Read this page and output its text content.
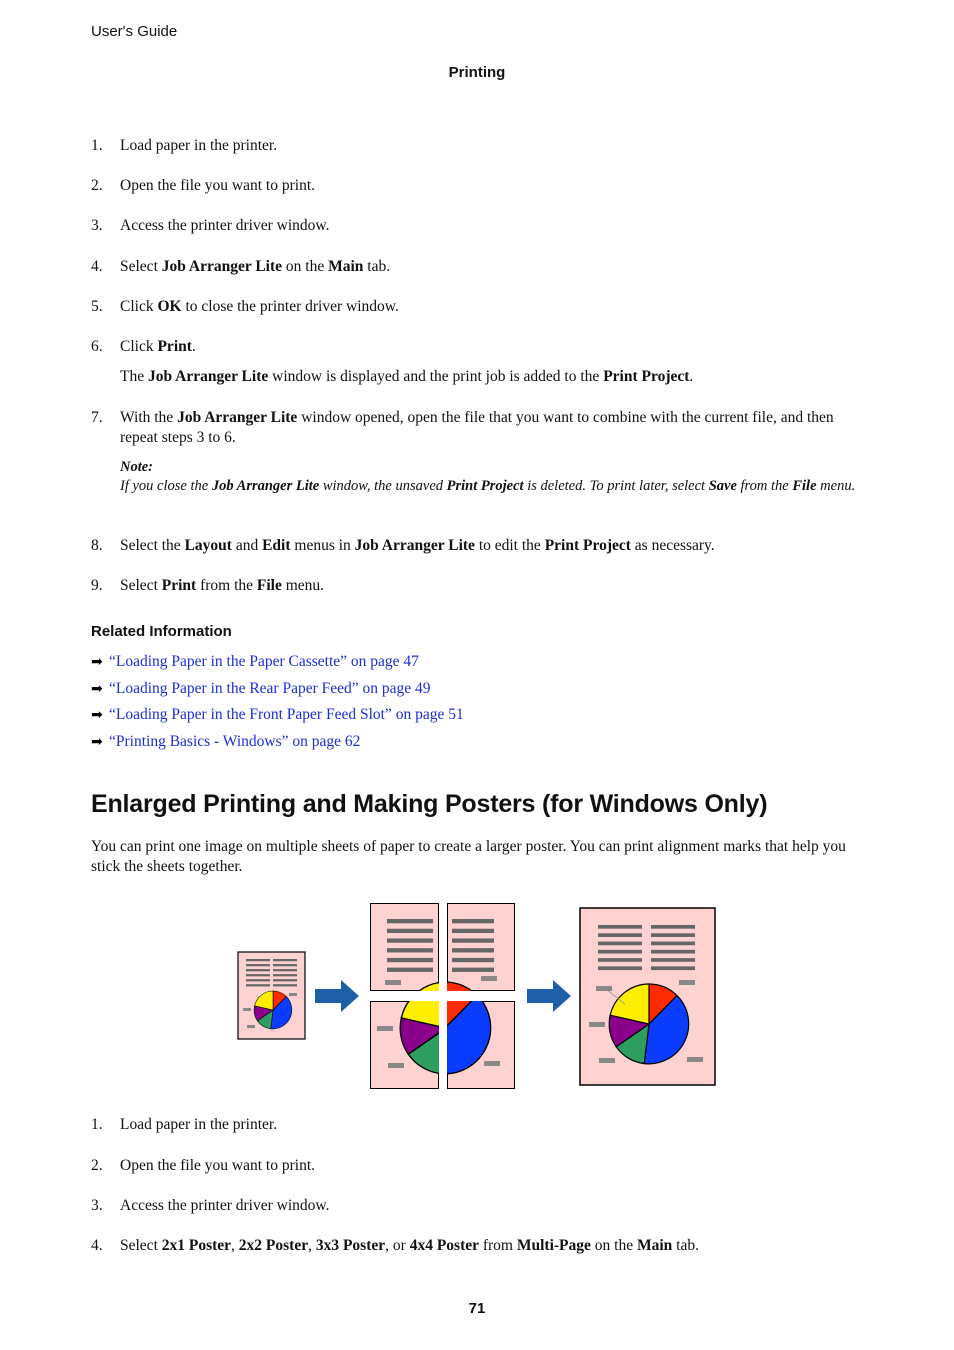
User's Guide
Printing
1. Load paper in the printer.
2. Open the file you want to print.
3. Access the printer driver window.
4. Select Job Arranger Lite on the Main tab.
5. Click OK to close the printer driver window.
6. Click Print.
The Job Arranger Lite window is displayed and the print job is added to the Print Project.
7. With the Job Arranger Lite window opened, open the file that you want to combine with the current file, and then repeat steps 3 to 6.
Note:
If you close the Job Arranger Lite window, the unsaved Print Project is deleted. To print later, select Save from the File menu.
8. Select the Layout and Edit menus in Job Arranger Lite to edit the Print Project as necessary.
9. Select Print from the File menu.
Related Information
➡ “Loading Paper in the Paper Cassette” on page 47
➡ “Loading Paper in the Rear Paper Feed” on page 49
➡ “Loading Paper in the Front Paper Feed Slot” on page 51
➡ “Printing Basics - Windows” on page 62
Enlarged Printing and Making Posters (for Windows Only)
You can print one image on multiple sheets of paper to create a larger poster. You can print alignment marks that help you stick the sheets together.
1. Load paper in the printer.
2. Open the file you want to print.
3. Access the printer driver window.
4. Select 2x1 Poster, 2x2 Poster, 3x3 Poster, or 4x4 Poster from Multi-Page on the Main tab.
71
